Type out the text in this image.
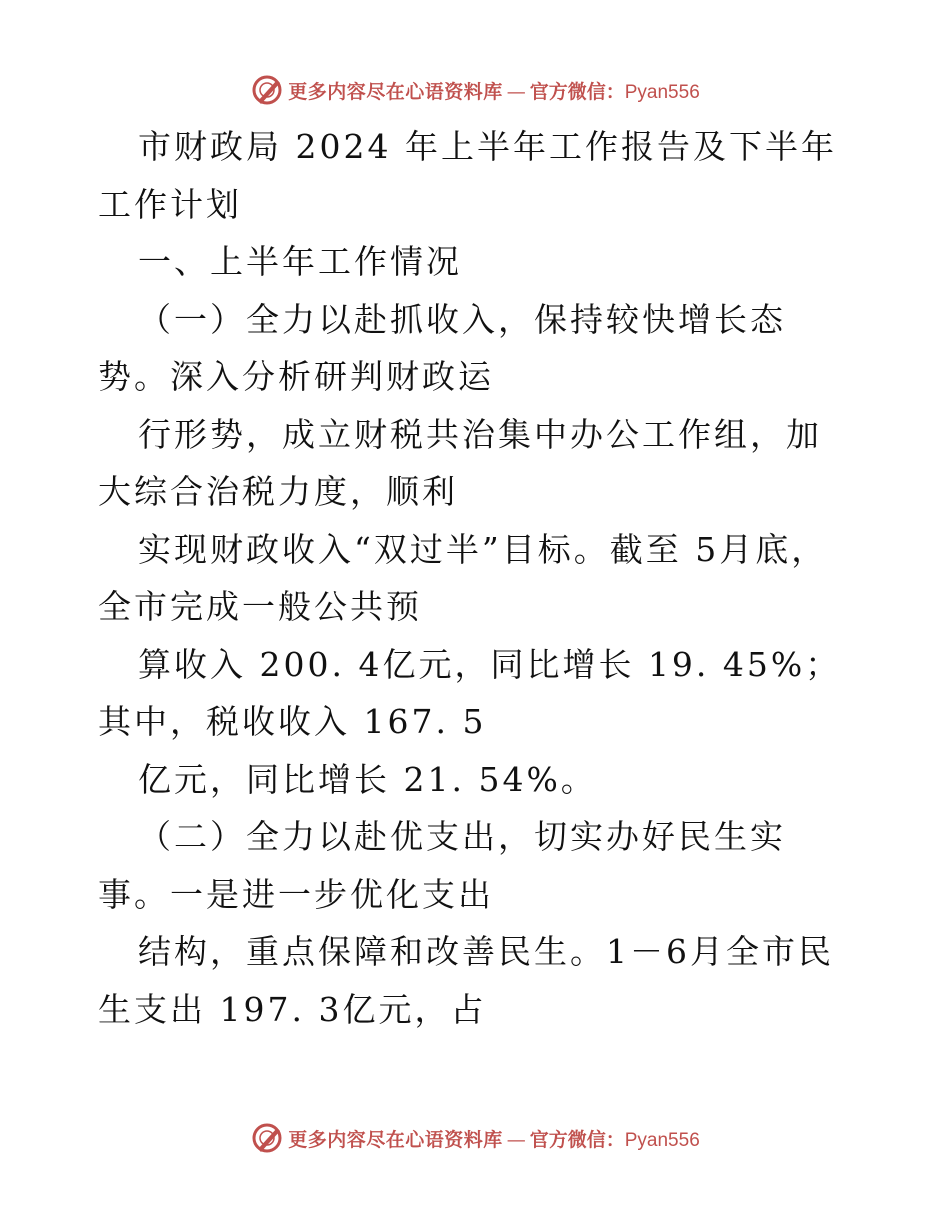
更多内容尽在心语资料库 — 官方微信： Pyan556

市财政局 2024 年上半年工作报告及下半年工作计划

一、上半年工作情况

（一）全力以赴抓收入，保持较快增长态势。深入分析研判财政运

行形势，成立财税共治集中办公工作组，加大综合治税力度，顺利

实现财政收入“双过半”目标。截至 5月底，全市完成一般公共预

算收入 200. 4亿元，同比增长 19. 45%；其中，税收收入 167. 5

亿元，同比增长 21. 54%。

（二）全力以赴优支出，切实办好民生实事。一是进一步优化支出

结构，重点保障和改善民生。1－6月全市民生支出 197. 3亿元，占

更多内容尽在心语资料库 — 官方微信： Pyan556
